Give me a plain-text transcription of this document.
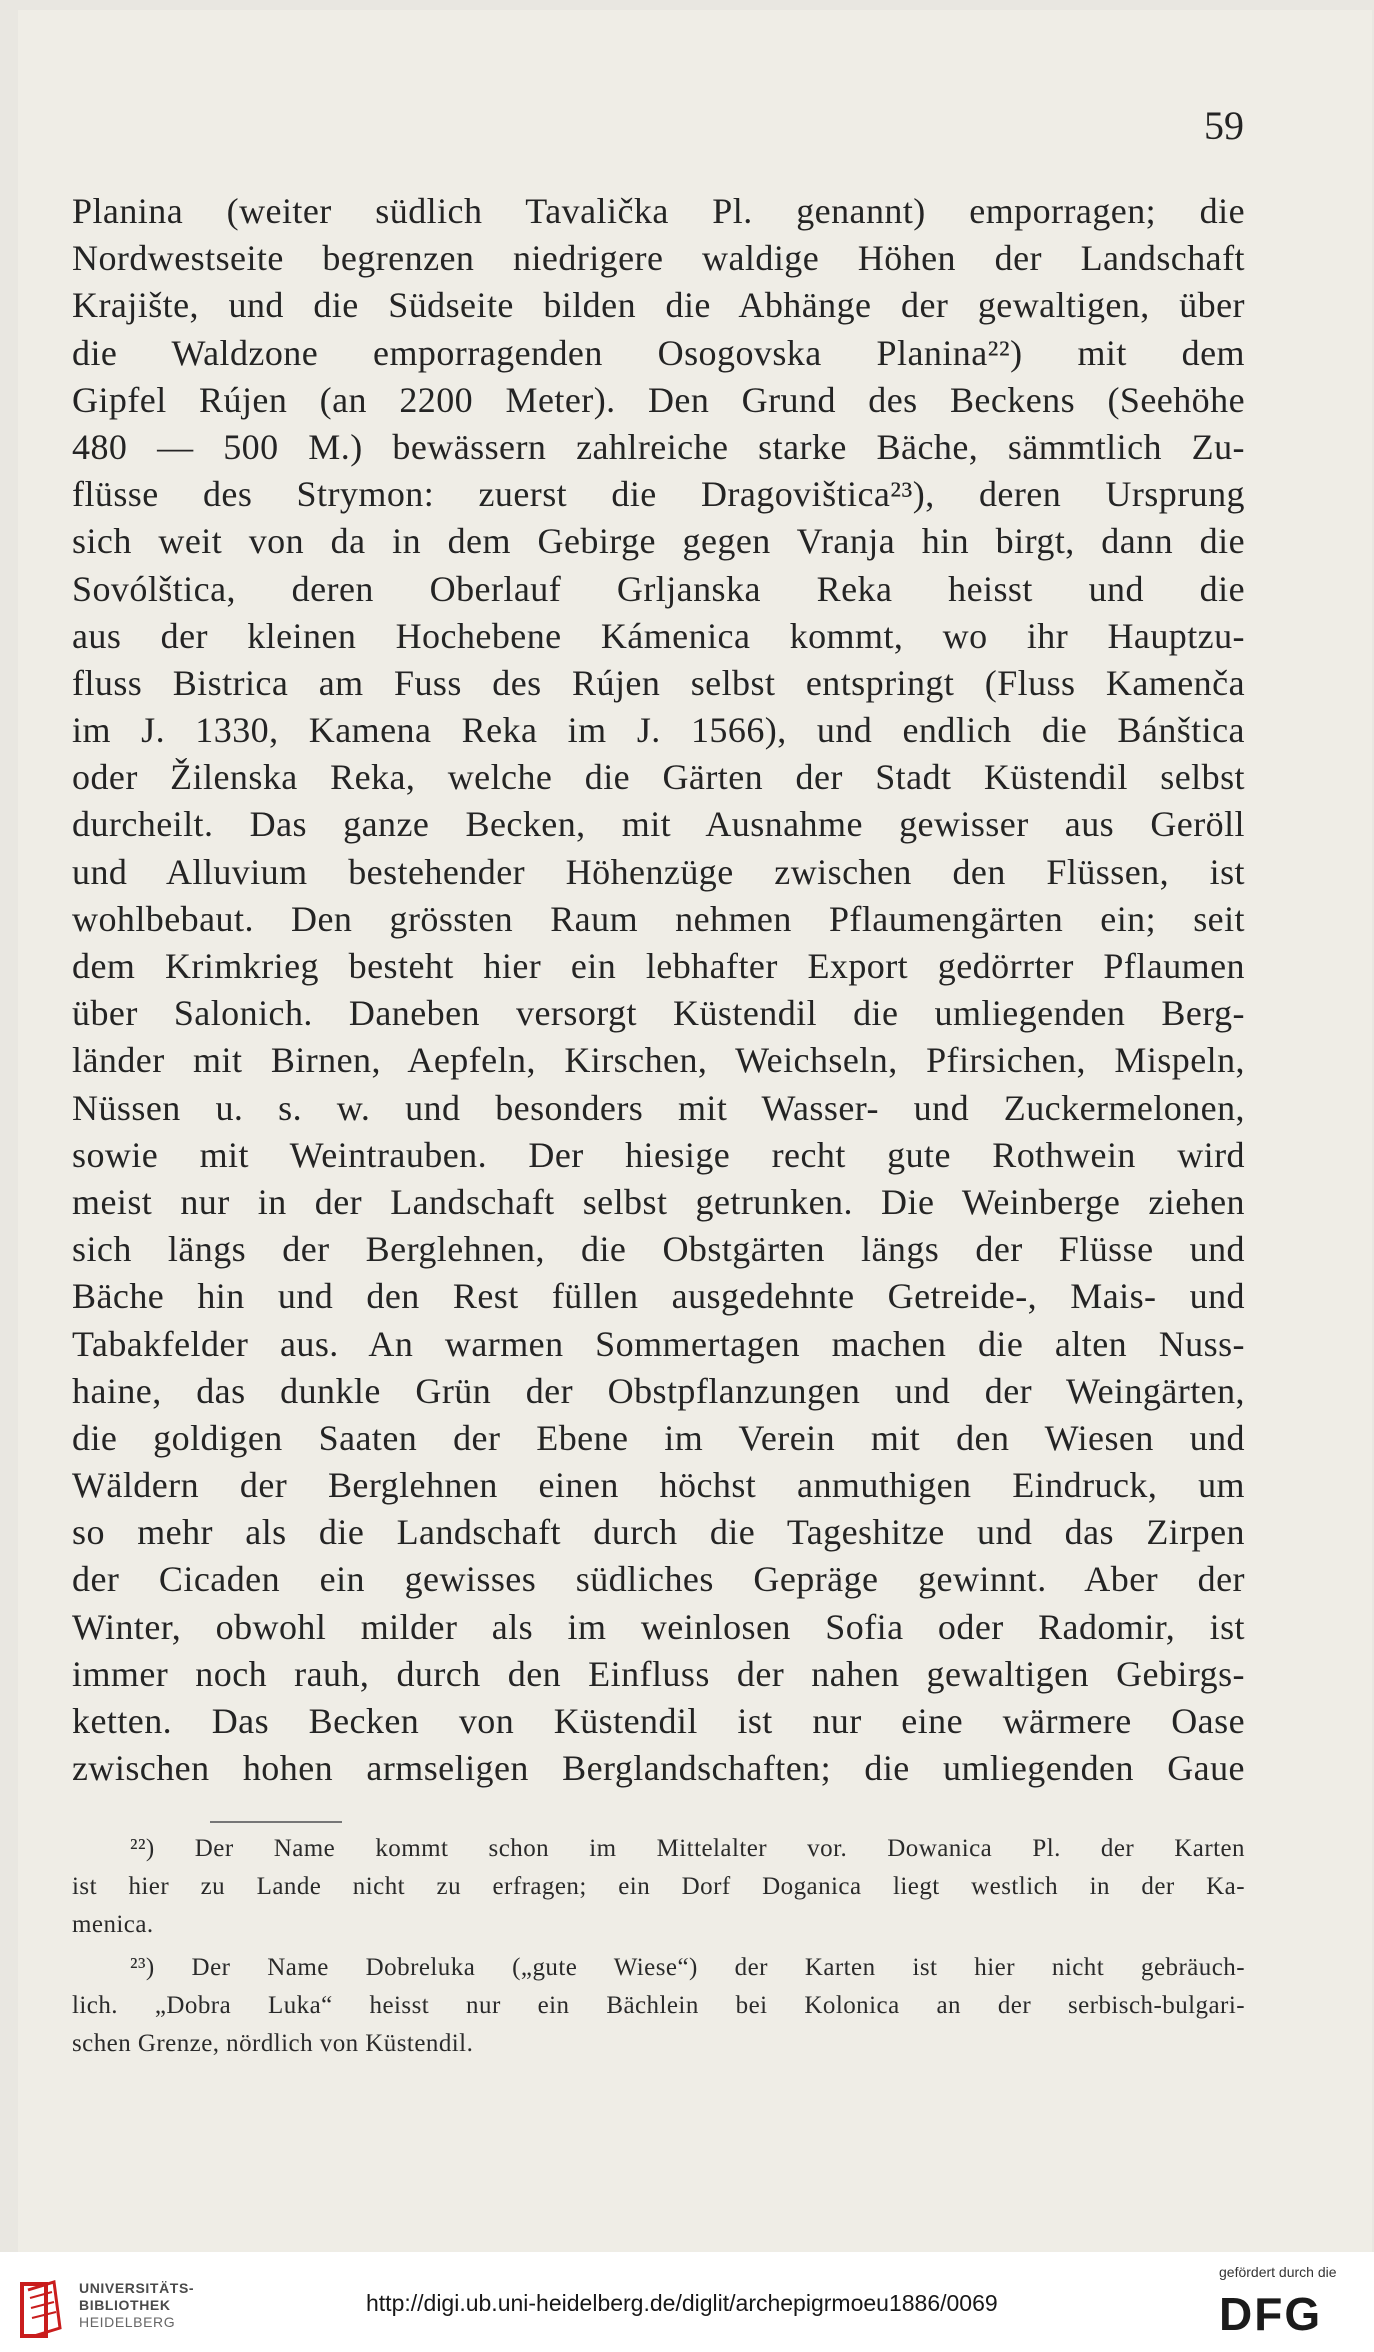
59
Planina (weiter südlich Tavalička Pl. genannt) emporragen; die
Nordwestseite begrenzen niedrigere waldige Höhen der Landschaft
Krajište, und die Südseite bilden die Abhänge der gewaltigen, über
die Waldzone emporragenden Osogovska Planina²²) mit dem
Gipfel Rújen (an 2200 Meter). Den Grund des Beckens (Seehöhe
480 — 500 M.) bewässern zahlreiche starke Bäche, sämmtlich Zu-
flüsse des Strymon: zuerst die Dragovištica²³), deren Ursprung
sich weit von da in dem Gebirge gegen Vranja hin birgt, dann die
Sovólštica, deren Oberlauf Grljanska Reka heisst und die
aus der kleinen Hochebene Kámenica kommt, wo ihr Hauptzu-
fluss Bistrica am Fuss des Rújen selbst entspringt (Fluss Kamenča
im J. 1330, Kamena Reka im J. 1566), und endlich die Bánštica
oder Žilenska Reka, welche die Gärten der Stadt Küstendil selbst
durcheilt. Das ganze Becken, mit Ausnahme gewisser aus Geröll
und Alluvium bestehender Höhenzüge zwischen den Flüssen, ist
wohlbebaut. Den grössten Raum nehmen Pflaumengärten ein; seit
dem Krimkrieg besteht hier ein lebhafter Export gedörrter Pflaumen
über Salonich. Daneben versorgt Küstendil die umliegenden Berg-
länder mit Birnen, Aepfeln, Kirschen, Weichseln, Pfirsichen, Mispeln,
Nüssen u. s. w. und besonders mit Wasser- und Zuckermelonen,
sowie mit Weintrauben. Der hiesige recht gute Rothwein wird
meist nur in der Landschaft selbst getrunken. Die Weinberge ziehen
sich längs der Berglehnen, die Obstgärten längs der Flüsse und
Bäche hin und den Rest füllen ausgedehnte Getreide-, Mais- und
Tabakfelder aus. An warmen Sommertagen machen die alten Nuss-
haine, das dunkle Grün der Obstpflanzungen und der Weingärten,
die goldigen Saaten der Ebene im Verein mit den Wiesen und
Wäldern der Berglehnen einen höchst anmuthigen Eindruck, um
so mehr als die Landschaft durch die Tageshitze und das Zirpen
der Cicaden ein gewisses südliches Gepräge gewinnt. Aber der
Winter, obwohl milder als im weinlosen Sofia oder Radomir, ist
immer noch rauh, durch den Einfluss der nahen gewaltigen Gebirgs-
ketten. Das Becken von Küstendil ist nur eine wärmere Oase
zwischen hohen armseligen Berglandschaften; die umliegenden Gaue
²²) Der Name kommt schon im Mittelalter vor. Dowanica Pl. der Karten
ist hier zu Lande nicht zu erfragen; ein Dorf Doganica liegt westlich in der Ka-
menica.
²³) Der Name Dobreluka („gute Wiese“) der Karten ist hier nicht gebräuch-
lich. „Dobra Luka“ heisst nur ein Bächlein bei Kolonica an der serbisch-bulgari-
schen Grenze, nördlich von Küstendil.
UNIVERSITÄTS-
BIBLIOTHEK
HEIDELBERG
http://digi.ub.uni-heidelberg.de/diglit/archepigrmoeu1886/0069
gefördert durch die
DFG
